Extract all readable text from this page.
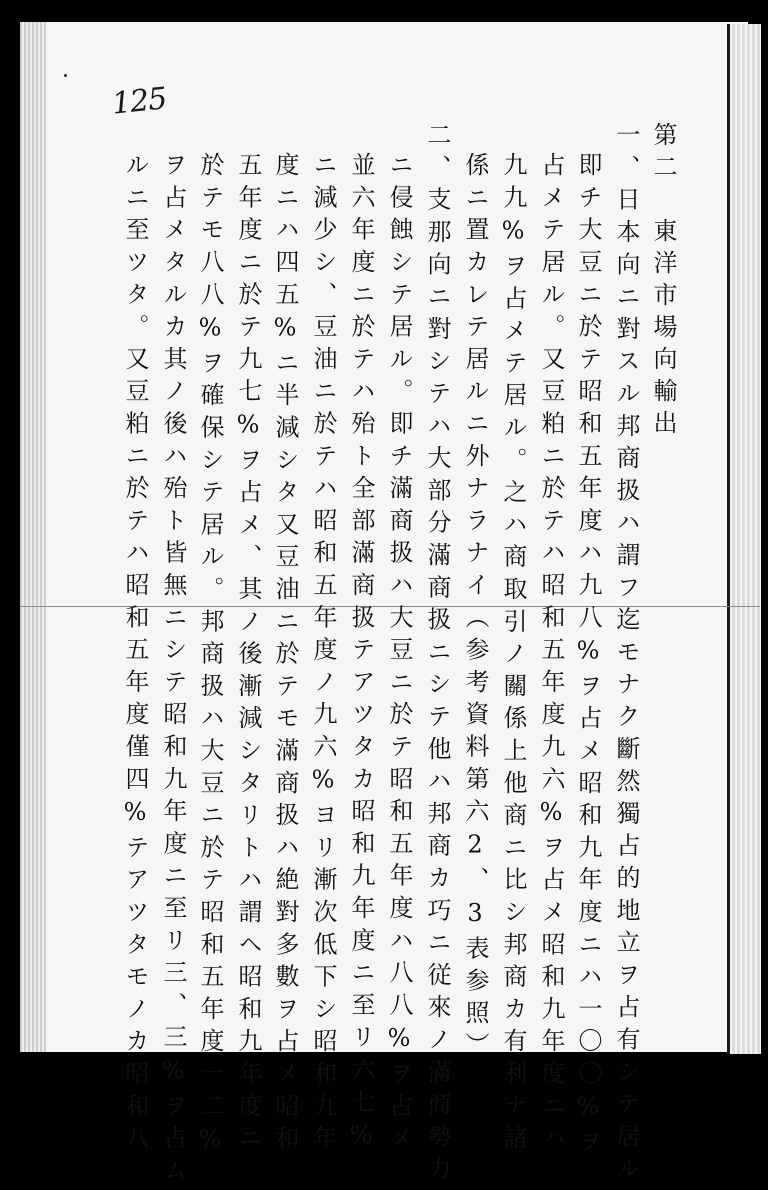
125
第二　東洋市場向輸出
一、日本向ニ對スル邦商扱ハ謂フ迄モナク斷然獨占的地立ヲ占有シテ居ル
即チ大豆ニ於テ昭和五年度ハ九八%ヲ占メ昭和九年度ニハ一〇〇%ヲ
占メテ居ル。又豆粕ニ於テハ昭和五年度九六%ヲ占メ昭和九年度ニハ
九九%ヲ占メテ居ル。之ハ商取引ノ關係上他商ニ比シ邦商カ有利ナ諸
係ニ置カレテ居ルニ外ナラナイ（参考資料第六2、3表参照）
二、支那向ニ對シテハ大部分滿商扱ニシテ他ハ邦商カ巧ニ従來ノ滿商勢力
ニ侵蝕シテ居ル。即チ滿商扱ハ大豆ニ於テ昭和五年度ハ八八%ヲ占メ
並六年度ニ於テハ殆ト全部滿商扱テアツタカ昭和九年度ニ至リ六七%
ニ減少シ、豆油ニ於テハ昭和五年度ノ九六%ヨリ漸次低下シ昭和九年
度ニハ四五%ニ半減シタ又豆油ニ於テモ滿商扱ハ絶對多數ヲ占メ昭和
五年度ニ於テ九七%ヲ占メ、其ノ後漸減シタリトハ謂ヘ昭和九年度ニ
於テモ八八%ヲ確保シテ居ル。邦商扱ハ大豆ニ於テ昭和五年度一二%
ヲ占メタルカ其ノ後ハ殆ト皆無ニシテ昭和九年度ニ至リ三、三%ヲ占ム
ルニ至ツタ。又豆粕ニ於テハ昭和五年度僅四%テアツタモノカ昭和八
